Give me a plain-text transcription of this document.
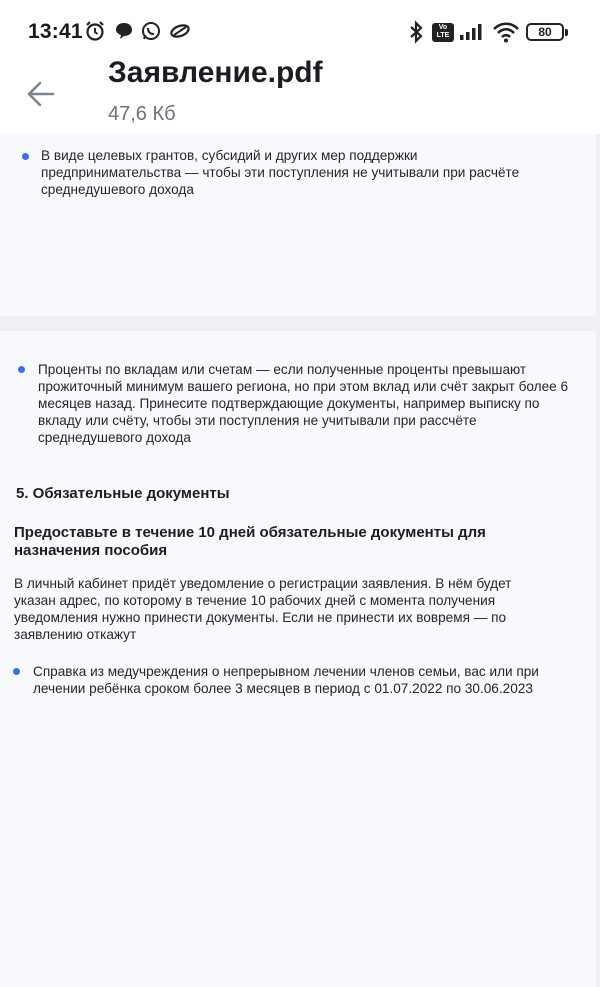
13:41	Vo LTE	80
Заявление.pdf
47,6 Кб
В виде целевых грантов, субсидий и других мер поддержки предпринимательства — чтобы эти поступления не учитывали при расчёте среднедушевого дохода
Проценты по вкладам или счетам — если полученные проценты превышают прожиточный минимум вашего региона, но при этом вклад или счёт закрыт более 6 месяцев назад. Принесите подтверждающие документы, например выписку по вкладу или счёту, чтобы эти поступления не учитывали при рассчёте среднедушевого дохода
5. Обязательные документы
Предоставьте в течение 10 дней обязательные документы для назначения пособия
В личный кабинет придёт уведомление о регистрации заявления. В нём будет указан адрес, по которому в течение 10 рабочих дней с момента получения уведомления нужно принести документы. Если не принести их вовремя — по заявлению откажут
Справка из медучреждения о непрерывном лечении членов семьи, вас или при лечении ребёнка сроком более 3 месяцев в период с 01.07.2022 по 30.06.2023
